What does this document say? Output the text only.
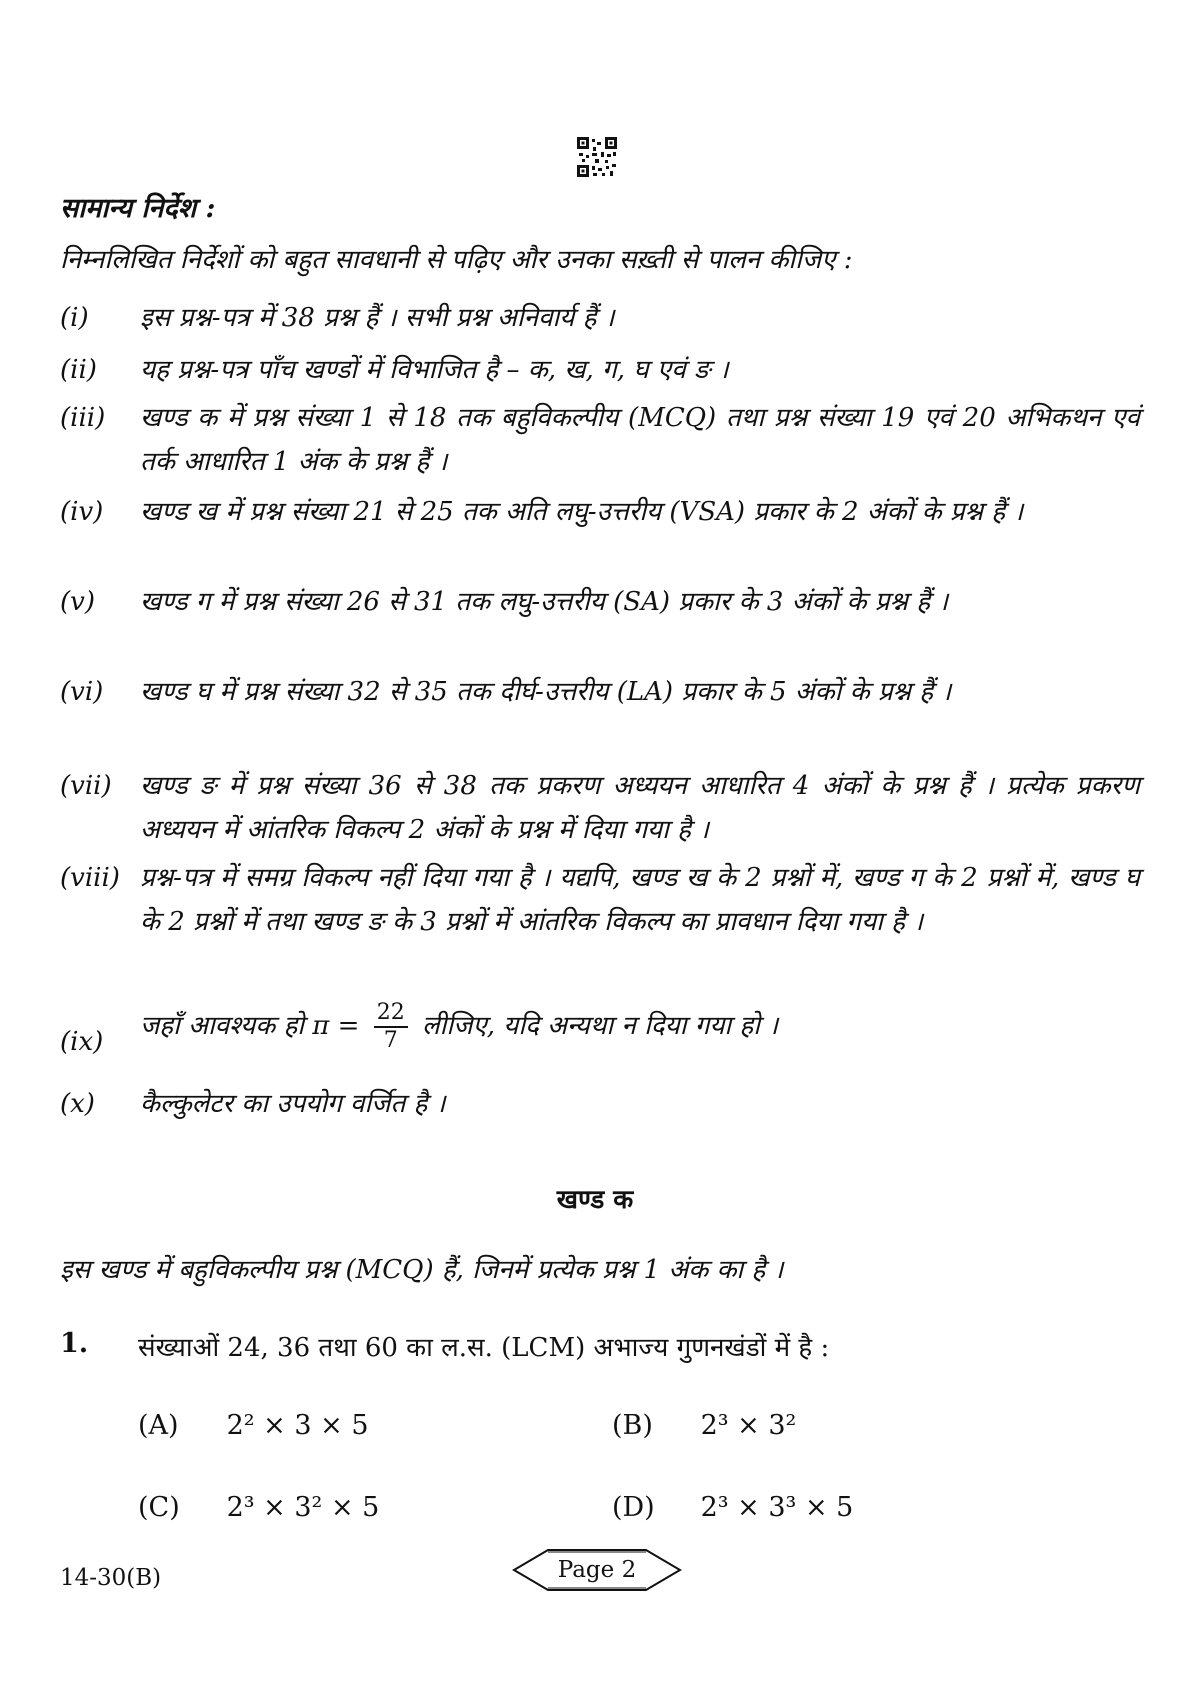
सामान्य निर्देश :
निम्नलिखित निर्देशों को बहुत सावधानी से पढ़िए और उनका सख़्ती से पालन कीजिए :
(i)	इस प्रश्न-पत्र में 38 प्रश्न हैं । सभी प्रश्न अनिवार्य हैं ।
(ii)	यह प्रश्न-पत्र पाँच खण्डों में विभाजित है – क, ख, ग, घ एवं ङ ।
(iii)	खण्ड क में प्रश्न संख्या 1 से 18 तक बहुविकल्पीय (MCQ) तथा प्रश्न संख्या 19 एवं 20 अभिकथन एवं तर्क आधारित 1 अंक के प्रश्न हैं ।
(iv)	खण्ड ख में प्रश्न संख्या 21 से 25 तक अति लघु-उत्तरीय (VSA) प्रकार के 2 अंकों के प्रश्न हैं ।
(v)	खण्ड ग में प्रश्न संख्या 26 से 31 तक लघु-उत्तरीय (SA) प्रकार के 3 अंकों के प्रश्न हैं ।
(vi)	खण्ड घ में प्रश्न संख्या 32 से 35 तक दीर्घ-उत्तरीय (LA) प्रकार के 5 अंकों के प्रश्न हैं ।
(vii)	खण्ड ङ में प्रश्न संख्या 36 से 38 तक प्रकरण अध्ययन आधारित 4 अंकों के प्रश्न हैं । प्रत्येक प्रकरण अध्ययन में आंतरिक विकल्प 2 अंकों के प्रश्न में दिया गया है ।
(viii) प्रश्न-पत्र में समग्र विकल्प नहीं दिया गया है । यद्यपि, खण्ड ख के 2 प्रश्नों में, खण्ड ग के 2 प्रश्नों में, खण्ड घ के 2 प्रश्नों में तथा खण्ड ङ के 3 प्रश्नों में आंतरिक विकल्प का प्रावधान दिया गया है ।
(ix)
जहाँ आवश्यक हो $\pi = \frac{22}{7}$ लीजिए, यदि अन्यथा न दिया गया हो ।
(x)	कैल्कुलेटर का उपयोग वर्जित है ।
खण्ड क
इस खण्ड में बहुविकल्पीय प्रश्न (MCQ) हैं, जिनमें प्रत्येक प्रश्न 1 अंक का है ।
1. संख्याओं 24, 36 तथा 60 का ल.स. (LCM) अभाज्य गुणनखंडों में है :
(A) 2² × 3 × 5	(B) 2³ × 3²
(C) 2³ × 3² × 5	(D) 2³ × 3³ × 5
14-30(B)	Page 2
